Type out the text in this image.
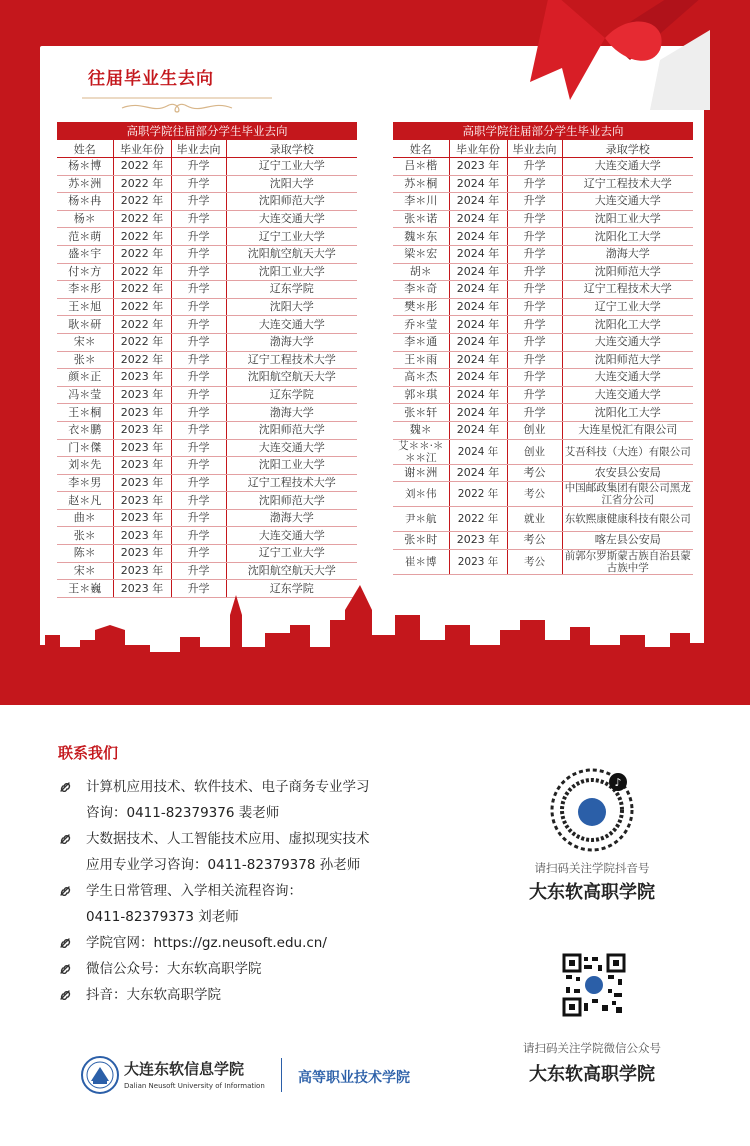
往届毕业生去向
高职学院往届部分学生毕业去向			
姓名	毕业年份	毕业去向	录取学校
杨＊博	2022 年	升学	辽宁工业大学
苏＊洲	2022 年	升学	沈阳大学
杨＊冉	2022 年	升学	沈阳师范大学
杨＊	2022 年	升学	大连交通大学
范＊萌	2022 年	升学	辽宁工业大学
盛＊宇	2022 年	升学	沈阳航空航天大学
付＊方	2022 年	升学	沈阳工业大学
李＊彤	2022 年	升学	辽东学院
王＊旭	2022 年	升学	沈阳大学
耿＊研	2022 年	升学	大连交通大学
宋＊	2022 年	升学	渤海大学
张＊	2022 年	升学	辽宁工程技术大学
颜＊正	2023 年	升学	沈阳航空航天大学
冯＊莹	2023 年	升学	辽东学院
王＊桐	2023 年	升学	渤海大学
衣＊鹏	2023 年	升学	沈阳师范大学
门＊傑	2023 年	升学	大连交通大学
刘＊先	2023 年	升学	沈阳工业大学
李＊男	2023 年	升学	辽宁工程技术大学
赵＊凡	2023 年	升学	沈阳师范大学
曲＊	2023 年	升学	渤海大学
张＊	2023 年	升学	大连交通大学
陈＊	2023 年	升学	辽宁工业大学
宋＊	2023 年	升学	沈阳航空航天大学
王＊巍	2023 年	升学	辽东学院
高职学院往届部分学生毕业去向			
姓名	毕业年份	毕业去向	录取学校
吕＊楷	2023 年	升学	大连交通大学
苏＊桐	2024 年	升学	辽宁工程技术大学
李＊川	2024 年	升学	大连交通大学
张＊诺	2024 年	升学	沈阳工业大学
魏＊东	2024 年	升学	沈阳化工大学
梁＊宏	2024 年	升学	渤海大学
胡＊	2024 年	升学	沈阳师范大学
李＊奇	2024 年	升学	辽宁工程技术大学
樊＊彤	2024 年	升学	辽宁工业大学
乔＊莹	2024 年	升学	沈阳化工大学
李＊通	2024 年	升学	大连交通大学
王＊雨	2024 年	升学	沈阳师范大学
高＊杰	2024 年	升学	大连交通大学
郭＊琪	2024 年	升学	大连交通大学
张＊轩	2024 年	升学	沈阳化工大学
魏＊	2024 年	创业	大连星悦汇有限公司
艾＊＊·＊＊＊江	2024 年	创业	艾吾科技（大连）有限公司
谢＊洲	2024 年	考公	农安县公安局
刘＊伟	2022 年	考公	中国邮政集团有限公司黑龙江省分公司
尹＊航	2022 年	就业	东软熙康健康科技有限公司
张＊时	2023 年	考公	喀左县公安局
崔＊博	2023 年	考公	前郭尔罗斯蒙古族自治县蒙古族中学
联系我们
计算机应用技术、软件技术、电子商务专业学习
咨询：0411-82379376 裴老师
大数据技术、人工智能技术应用、虚拟现实技术
应用专业学习咨询：0411-82379378 孙老师
学生日常管理、入学相关流程咨询：
0411-82379373 刘老师
学院官网：https://gz.neusoft.edu.cn/
微信公众号：大东软高职学院
抖音：大东软高职学院
♪
请扫码关注学院抖音号
大东软高职学院
请扫码关注学院微信公众号
大东软高职学院
大连东软信息学院
Dalian Neusoft University of Information 高等职业技术学院
